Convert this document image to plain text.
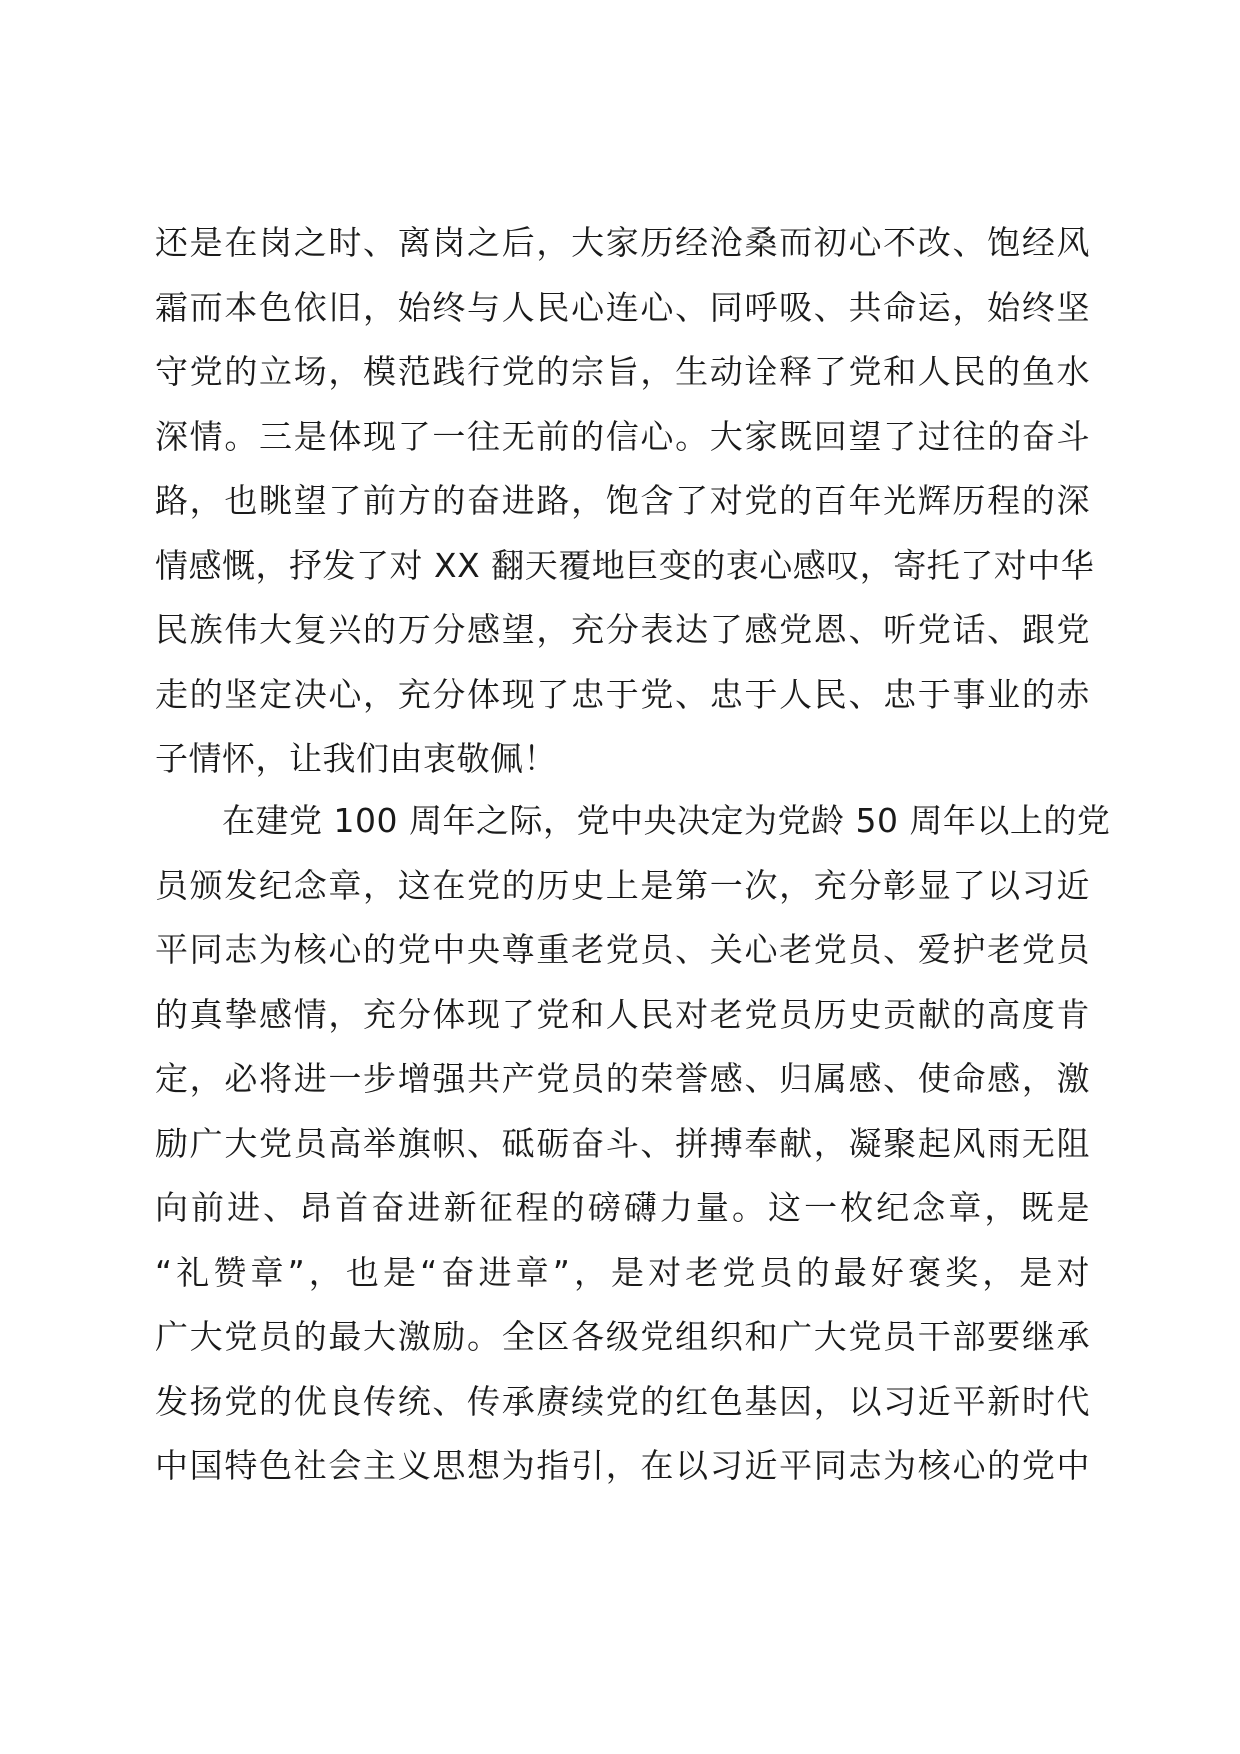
还是在岗之时、离岗之后，大家历经沧桑而初心不改、饱经风
霜而本色依旧，始终与人民心连心、同呼吸、共命运，始终坚
守党的立场，模范践行党的宗旨，生动诠释了党和人民的鱼水
深情。三是体现了一往无前的信心。大家既回望了过往的奋斗
路，也眺望了前方的奋进路，饱含了对党的百年光辉历程的深
情感慨，抒发了对 XX 翻天覆地巨变的衷心感叹，寄托了对中华
民族伟大复兴的万分感望，充分表达了感党恩、听党话、跟党
走的坚定决心，充分体现了忠于党、忠于人民、忠于事业的赤
子情怀，让我们由衷敬佩！
　　在建党 100 周年之际，党中央决定为党龄 50 周年以上的党
员颁发纪念章，这在党的历史上是第一次，充分彰显了以习近
平同志为核心的党中央尊重老党员、关心老党员、爱护老党员
的真挚感情，充分体现了党和人民对老党员历史贡献的高度肯
定，必将进一步增强共产党员的荣誉感、归属感、使命感，激
励广大党员高举旗帜、砥砺奋斗、拼搏奉献，凝聚起风雨无阻
向前进、昂首奋进新征程的磅礴力量。这一枚纪念章，既是
“礼赞章”，也是“奋进章”，是对老党员的最好褒奖，是对
广大党员的最大激励。全区各级党组织和广大党员干部要继承
发扬党的优良传统、传承赓续党的红色基因，以习近平新时代
中国特色社会主义思想为指引，在以习近平同志为核心的党中
